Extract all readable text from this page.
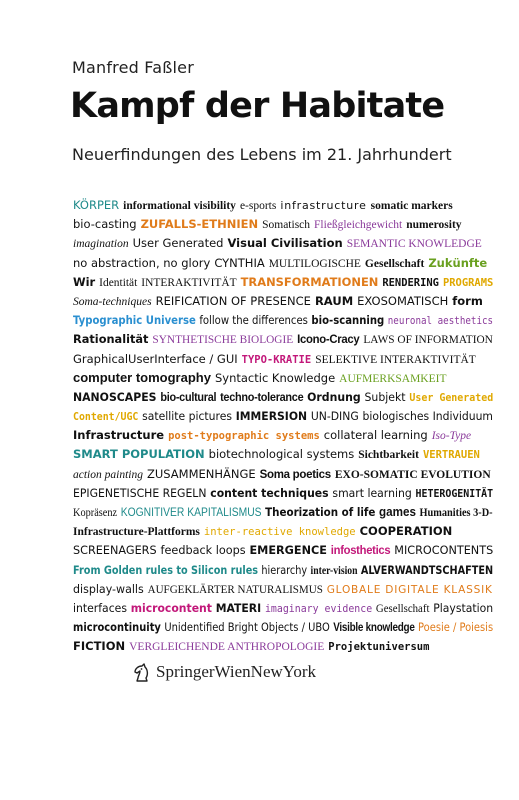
Manfred Faßler
Kampf der Habitate
Neuerfindungen des Lebens im 21. Jahrhundert
KÖRPER informational visibility e-sports infrastructure somatic markers
bio-casting ZUFALLS-ETHNIEN Somatisch Fließgleichgewicht numerosity
imagination User Generated Visual Civilisation SEMANTIC KNOWLEDGE
no abstraction, no glory CYNTHIA MULTILOGISCHE Gesellschaft Zukünfte
Wir Identität INTERAKTIVITÄT TRANSFORMATIONEN RENDERING PROGRAMS
Soma-techniques REIFICATION OF PRESENCE RAUM EXOSOMATISCH form
Typographic Universe follow the differences bio-scanning neuronal aesthetics
Rationalität SYNTHETISCHE BIOLOGIE Icono-Cracy LAWS OF INFORMATION
GraphicalUserInterface / GUI TYPO-KRATIE SELEKTIVE INTERAKTIVITÄT
computer tomography Syntactic Knowledge AUFMERKSAMKEIT
NANOSCAPES bio-cultural techno-tolerance Ordnung Subjekt User Generated
Content/UGC satellite pictures IMMERSION UN-DING biologisches Individuum
Infrastructure post-typographic systems collateral learning Iso-Type
SMART POPULATION biotechnological systems Sichtbarkeit VERTRAUEN
action painting ZUSAMMENHÄNGE Soma poetics EXO-SOMATIC EVOLUTION
EPIGENETISCHE REGELN content techniques smart learning HETEROGENITÄT
Kopräsenz KOGNITIVER KAPITALISMUS Theorization of life games Humanities 3-D-
Infrastructure-Plattforms inter-reactive knowledge COOPERATION
SCREENAGERS feedback loops EMERGENCE infosthetics MICROCONTENTS
From Golden rules to Silicon rules hierarchy inter-vision ALVERWANDTSCHAFTEN
display-walls AUFGEKLÄRTER NATURALISMUS GLOBALE DIGITALE KLASSIK
interfaces microcontent MATERI imaginary evidence Gesellschaft Playstation
microcontinuity Unidentified Bright Objects / UBO Visible knowledge Poesie / Poiesis
FICTION VERGLEICHENDE ANTHROPOLOGIE Projektuniversum
SpringerWienNewYork
